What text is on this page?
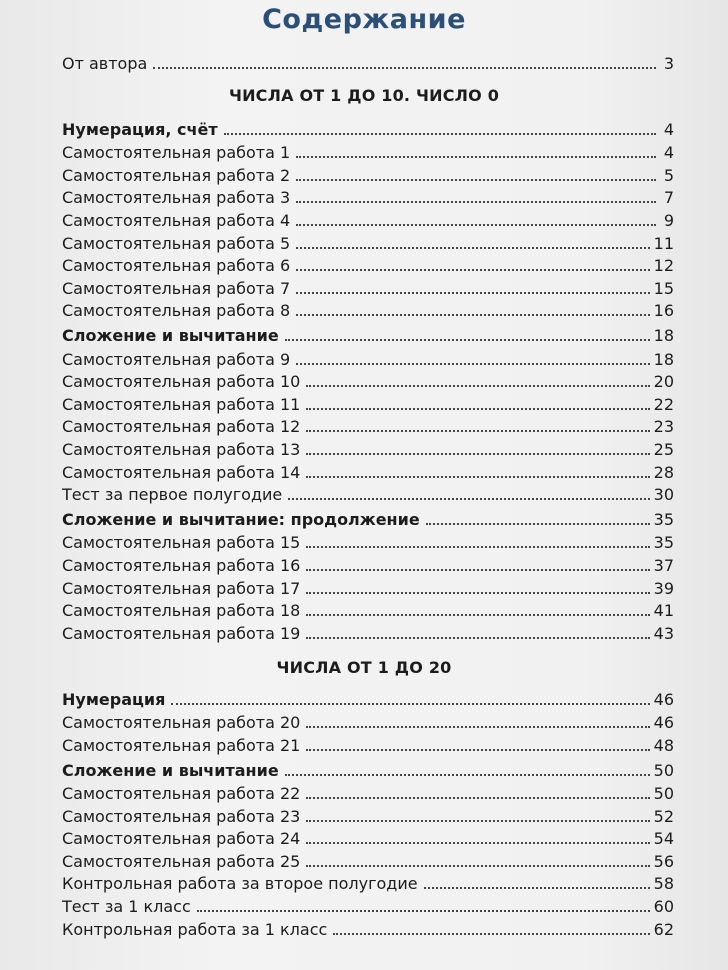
Содержание
От автора	3
Нумерация, счёт	4
Самостоятельная работа 1	4
Самостоятельная работа 2	5
Самостоятельная работа 3	7
Самостоятельная работа 4	9
Самостоятельная работа 5	11
Самостоятельная работа 6	12
Самостоятельная работа 7	15
Самостоятельная работа 8	16
Сложение и вычитание	18
Самостоятельная работа 9	18
Самостоятельная работа 10	20
Самостоятельная работа 11	22
Самостоятельная работа 12	23
Самостоятельная работа 13	25
Самостоятельная работа 14	28
Тест за первое полугодие	30
Сложение и вычитание: продолжение	35
Самостоятельная работа 15	35
Самостоятельная работа 16	37
Самостоятельная работа 17	39
Самостоятельная работа 18	41
Самостоятельная работа 19	43
Нумерация	46
Самостоятельная работа 20	46
Самостоятельная работа 21	48
Сложение и вычитание	50
Самостоятельная работа 22	50
Самостоятельная работа 23	52
Самостоятельная работа 24	54
Самостоятельная работа 25	56
Контрольная работа за второе полугодие	58
Тест за 1 класс	60
Контрольная работа за 1 класс	62
ЧИСЛА ОТ 1 ДО 10. ЧИСЛО 0
ЧИСЛА ОТ 1 ДО 20
